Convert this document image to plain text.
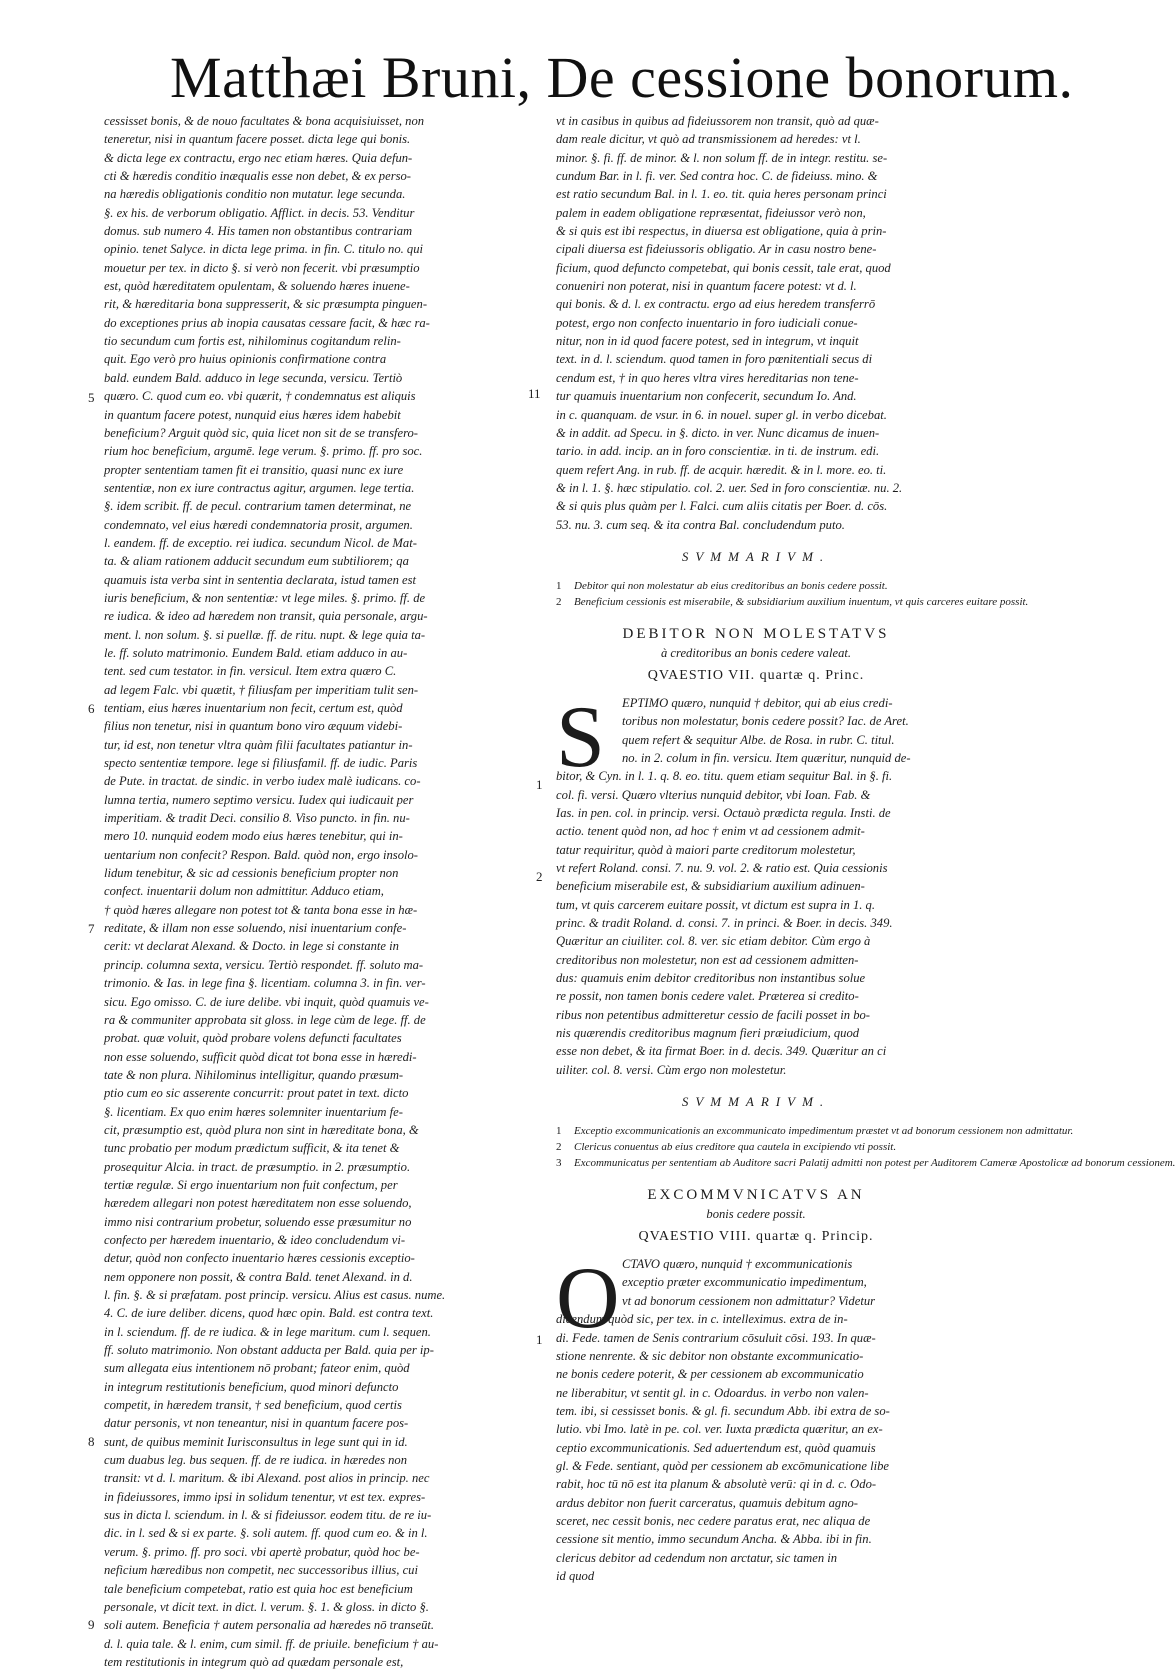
Matthæi Bruni, De cessione bonorum.
5
6
7
8
9
11
1
2
1
cessisset bonis, & de nouo facultates & bona acquisiuisset, non
teneretur, nisi in quantum facere posset. dicta lege qui bonis.
& dicta lege ex contractu, ergo nec etiam hæres. Quia defun-
cti & hæredis conditio inæqualis esse non debet, & ex perso-
na hæredis obligationis conditio non mutatur. lege secunda.
§. ex his. de verborum obligatio. Afflict. in decis. 53. Venditur
domus. sub numero 4. His tamen non obstantibus contrariam
opinio. tenet Salyce. in dicta lege prima. in fin. C. titulo no. qui
mouetur per tex. in dicto §. si verò non fecerit. vbi præsumptio
est, quòd hæreditatem opulentam, & soluendo hæres inuene-
rit, & hæreditaria bona suppresserit, & sic præsumpta pinguen-
do exceptiones prius ab inopia causatas cessare facit, & hæc ra-
tio secundum cum fortis est, nihilominus cogitandum relin-
quit. Ego verò pro huius opinionis confirmatione contra
bald. eundem Bald. adduco in lege secunda, versicu. Tertiò
quæro. C. quod cum eo. vbi quærit, † condemnatus est aliquis
in quantum facere potest, nunquid eius hæres idem habebit
beneficium? Arguit quòd sic, quia licet non sit de se transfero-
rium hoc beneficium, argumē. lege verum. §. primo. ff. pro soc.
propter sententiam tamen fit ei transitio, quasi nunc ex iure
sententiæ, non ex iure contractus agitur, argumen. lege tertia.
§. idem scribit. ff. de pecul. contrarium tamen determinat, ne
condemnato, vel eius hæredi condemnatoria prosit, argumen.
l. eandem. ff. de exceptio. rei iudica. secundum Nicol. de Mat-
ta. & aliam rationem adducit secundum eum subtiliorem; qa
quamuis ista verba sint in sententia declarata, istud tamen est
iuris beneficium, & non sententiæ: vt lege miles. §. primo. ff. de
re iudica. & ideo ad hæredem non transit, quia personale, argu-
ment. l. non solum. §. si puellæ. ff. de ritu. nupt. & lege quia ta-
le. ff. soluto matrimonio. Eundem Bald. etiam adduco in au-
tent. sed cum testator. in fin. versicul. Item extra quæro C.
ad legem Falc. vbi quætit, † filiusfam per imperitiam tulit sen-
tentiam, eius hæres inuentarium non fecit, certum est, quòd
filius non tenetur, nisi in quantum bono viro æquum videbi-
tur, id est, non tenetur vltra quàm filii facultates patiantur in-
specto sententiæ tempore. lege si filiusfamil. ff. de iudic. Paris
de Pute. in tractat. de sindic. in verbo iudex malè iudicans. co-
lumna tertia, numero septimo versicu. Iudex qui iudicauit per
imperitiam. & tradit Deci. consilio 8. Viso puncto. in fin. nu-
mero 10. nunquid eodem modo eius hæres tenebitur, qui in-
uentarium non confecit? Respon. Bald. quòd non, ergo insolo-
lidum tenebitur, & sic ad cessionis beneficium propter non
confect. inuentarii dolum non admittitur. Adduco etiam,
† quòd hæres allegare non potest tot & tanta bona esse in hæ-
reditate, & illam non esse soluendo, nisi inuentarium confe-
cerit: vt declarat Alexand. & Docto. in lege si constante in
princip. columna sexta, versicu. Tertiò respondet. ff. soluto ma-
trimonio. & Ias. in lege fina §. licentiam. columna 3. in fin. ver-
sicu. Ego omisso. C. de iure delibe. vbi inquit, quòd quamuis ve-
ra & communiter approbata sit gloss. in lege cùm de lege. ff. de
probat. quæ voluit, quòd probare volens defuncti facultates
non esse soluendo, sufficit quòd dicat tot bona esse in hæredi-
tate & non plura. Nihilominus intelligitur, quando præsum-
ptio cum eo sic asserente concurrit: prout patet in text. dicto
§. licentiam. Ex quo enim hæres solemniter inuentarium fe-
cit, præsumptio est, quòd plura non sint in hæreditate bona, &
tunc probatio per modum prædictum sufficit, & ita tenet &
prosequitur Alcia. in tract. de præsumptio. in 2. præsumptio.
tertiæ regulæ. Si ergo inuentarium non fuit confectum, per
hæredem allegari non potest hæreditatem non esse soluendo,
immo nisi contrarium probetur, soluendo esse præsumitur no
confecto per hæredem inuentario, & ideo concludendum vi-
detur, quòd non confecto inuentario hæres cessionis exceptio-
nem opponere non possit, & contra Bald. tenet Alexand. in d.
l. fin. §. & si præfatam. post princip. versicu. Alius est casus. nume.
4. C. de iure deliber. dicens, quod hæc opin. Bald. est contra text.
in l. sciendum. ff. de re iudica. & in lege maritum. cum l. sequen.
ff. soluto matrimonio. Non obstant adducta per Bald. quia per ip-
sum allegata eius intentionem nō probant; fateor enim, quòd
in integrum restitutionis beneficium, quod minori defuncto
competit, in hæredem transit, † sed beneficium, quod certis
datur personis, vt non teneantur, nisi in quantum facere pos-
sunt, de quibus meminit Iurisconsultus in lege sunt qui in id.
cum duabus leg. bus sequen. ff. de re iudica. in hæredes non
transit: vt d. l. maritum. & ibi Alexand. post alios in princip. nec
in fideiussores, immo ipsi in solidum tenentur, vt est tex. expres-
sus in dicta l. sciendum. in l. & si fideiussor. eodem titu. de re iu-
dic. in l. sed & si ex parte. §. soli autem. ff. quod cum eo. & in l.
verum. §. primo. ff. pro soci. vbi apertè probatur, quòd hoc be-
neficium hæredibus non competit, nec successoribus illius, cui
tale beneficium competebat, ratio est quia hoc est beneficium
personale, vt dicit text. in dict. l. verum. §. 1. & gloss. in dicto §.
soli autem. Beneficia † autem personalia ad hæredes nō transeūt.
d. l. quia tale. & l. enim, cum simil. ff. de priuile. beneficium † au-
tem restitutionis in integrum quò ad quædam personale est,
vt in casibus in quibus ad fideiussorem non transit, quò ad quæ-
dam reale dicitur, vt quò ad transmissionem ad heredes: vt l.
minor. §. fi. ff. de minor. & l. non solum ff. de in integr. restitu. se-
cundum Bar. in l. fi. ver. Sed contra hoc. C. de fideiuss. mino. &
est ratio secundum Bal. in l. 1. eo. tit. quia heres personam princi
palem in eadem obligatione repræsentat, fideiussor verò non,
& si quis est ibi respectus, in diuersa est obligatione, quia à prin-
cipali diuersa est fideiussoris obligatio. Ar in casu nostro bene-
ficium, quod defuncto competebat, qui bonis cessit, tale erat, quod
conueniri non poterat, nisi in quantum facere potest: vt d. l.
qui bonis. & d. l. ex contractu. ergo ad eius heredem transferrō
potest, ergo non confecto inuentario in foro iudiciali conue-
nitur, non in id quod facere potest, sed in integrum, vt inquit
text. in d. l. sciendum. quod tamen in foro pœnitentiali secus di
cendum est, † in quo heres vltra vires hereditarias non tene-
tur quamuis inuentarium non confecerit, secundum Io. And.
in c. quanquam. de vsur. in 6. in nouel. super gl. in verbo dicebat.
& in addit. ad Specu. in §. dicto. in ver. Nunc dicamus de inuen-
tario. in add. incip. an in foro conscientiæ. in ti. de instrum. edi.
quem refert Ang. in rub. ff. de acquir. hæredit. & in l. more. eo. ti.
& in l. 1. §. hæc stipulatio. col. 2. uer. Sed in foro conscientiæ. nu. 2.
& si quis plus quàm per l. Falci. cum aliis citatis per Boer. d. cōs.
53. nu. 3. cum seq. & ita contra Bal. concludendum puto.
SVMMARIVM.
1 Debitor qui non molestatur ab eius creditoribus an bonis cedere possit.
2 Beneficium cessionis est miserabile, & subsidiarium auxilium inuentum, vt quis carceres euitare possit.
DEBITOR NON MOLESTATVS
à creditoribus an bonis cedere valeat.
QVAESTIO VII. quartæ q. Princ.
S	EPTIMO quæro, nunquid † debitor, qui ab eius credi-
toribus non molestatur, bonis cedere possit? Iac. de Aret.
quem refert & sequitur Albe. de Rosa. in rubr. C. titul.
no. in 2. colum in fin. versicu. Item quæritur, nunquid de-
bitor, & Cyn. in l. 1. q. 8. eo. titu. quem etiam sequitur Bal. in §. fi.
col. fi. versi. Quæro vlterius nunquid debitor, vbi Ioan. Fab. &
Ias. in pen. col. in princip. versi. Octauò prædicta regula. Insti. de
actio. tenent quòd non, ad hoc † enim vt ad cessionem admit-
tatur requiritur, quòd à maiori parte creditorum molestetur,
vt refert Roland. consi. 7. nu. 9. vol. 2. & ratio est. Quia cessionis
beneficium miserabile est, & subsidiarium auxilium adinuen-
tum, vt quis carcerem euitare possit, vt dictum est supra in 1. q.
princ. & tradit Roland. d. consi. 7. in princi. & Boer. in decis. 349.
Quæritur an ciuiliter. col. 8. ver. sic etiam debitor. Cùm ergo à
creditoribus non molestetur, non est ad cessionem admitten-
dus: quamuis enim debitor creditoribus non instantibus solue
re possit, non tamen bonis cedere valet. Præterea si credito-
ribus non petentibus admitteretur cessio de facili posset in bo-
nis quærendis creditoribus magnum fieri præiudicium, quod
esse non debet, & ita firmat Boer. in d. decis. 349. Quæritur an ci
uiliter. col. 8. versi. Cùm ergo non molestetur.
SVMMARIVM.
1 Exceptio excommunicationis an excommunicato impedimentum præstet vt ad bonorum cessionem non admittatur.
2 Clericus conuentus ab eius creditore qua cautela in excipiendo vti possit.
3 Excommunicatus per sententiam ab Auditore sacri Palatij admitti non potest per Auditorem Cameræ Apostolicæ ad bonorum cessionem.
EXCOMMVNICATVS AN
bonis cedere possit.
QVAESTIO VIII. quartæ q. Princip.
O CTAVO quæro, nunquid † excommunicationis
exceptio præter excommunicatio impedimentum,
vt ad bonorum cessionem non admittatur? Videtur
dicendum quòd sic, per tex. in c. intelleximus. extra de in-
di. Fede. tamen de Senis contrarium cōsuluit cōsi. 193. In quæ-
stione nenrente. & sic debitor non obstante excommunicatio-
ne bonis cedere poterit, & per cessionem ab excommunicatio
ne liberabitur, vt sentit gl. in c. Odoardus. in verbo non valen-
tem. ibi, si cessisset bonis. & gl. fi. secundum Abb. ibi extra de so-
lutio. vbi Imo. latè in pe. col. ver. Iuxta prædicta quæritur, an ex-
ceptio excommunicationis. Sed aduertendum est, quòd quamuis
gl. & Fede. sentiant, quòd per cessionem ab excōmunicatione libe
rabit, hoc tū nō est ita planum & absolutè verū: qi in d. c. Odo-
ardus debitor non fuerit carceratus, quamuis debitum agno-
sceret, nec cessit bonis, nec cedere paratus erat, nec aliqua de
cessione sit mentio, immo secundum Ancha. & Abba. ibi in fin.
clericus debitor ad cedendum non arctatur, sic tamen in
id quod
